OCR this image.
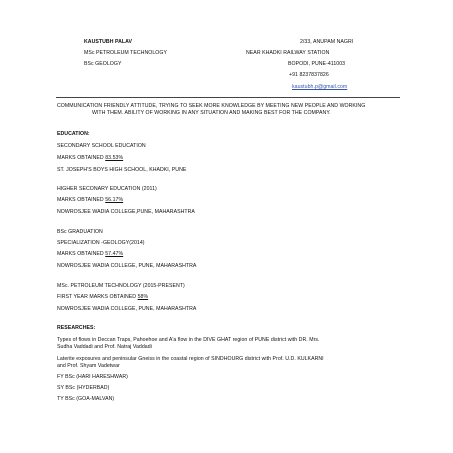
KAUSTUBH PALAV
MSc PETROLEUM TECHNOLOGY
BSc GEOLOGY
2/33, ANUPAM NAGRI
NEAR KHADKI RAILWAY STATION
BOPODI, PUNE-411003
+91 8237837826
kaustubh.p@gmail.com
COMMUNICATION FRIENDLY ATTITUDE, TRYING TO SEEK MORE KNOWLEDGE BY MEETING NEW PEOPLE AND WORKING
WITH THEM. ABILITY OF WORKING IN ANY SITUATION AND MAKING BEST FOR THE COMPANY.
EDUCATION:
SECONDARY SCHOOL EDUCATION
MARKS OBTAINED 83.53%
ST. JOSEPH'S BOYS HIGH SCHOOL, KHADKI, PUNE
HIGHER SECONARY EDUCATION (2011)
MARKS OBTAINED 56.17%
NOWROSJEE WADIA COLLEGE,PUNE, MAHARASHTRA
BSc GRADUATION
SPECIALIZATION -GEOLOGY(2014)
MARKS OBTAINED 57.47%
NOWROSJEE WADIA COLLEGE, PUNE, MAHARASHTRA
MSc. PETROLEUM TECHNOLOGY (2015-PRESENT)
FIRST YEAR MARKS OBTAINED 58%
NOWROSJEE WADIA COLLEGE, PUNE, MAHARASHTRA
RESEARCHES:
Types of flows in Deccan Traps, Pahoehoe and A'a flow in the DIVE GHAT region of PUNE district with DR. Mrs.
Sudha Vaddadi and Prof. Natraj Vaddadi
Laterite exposures and peninsular Gneiss in the coastal region of SINDHOURG district with Prof. U.D. KULKARNI
and Prof. Shyam Vadetwar
FY BSc (HARI HARESHWAR)
SY BSc (HYDERBAD)
TY BSc (GOA-MALVAN)
